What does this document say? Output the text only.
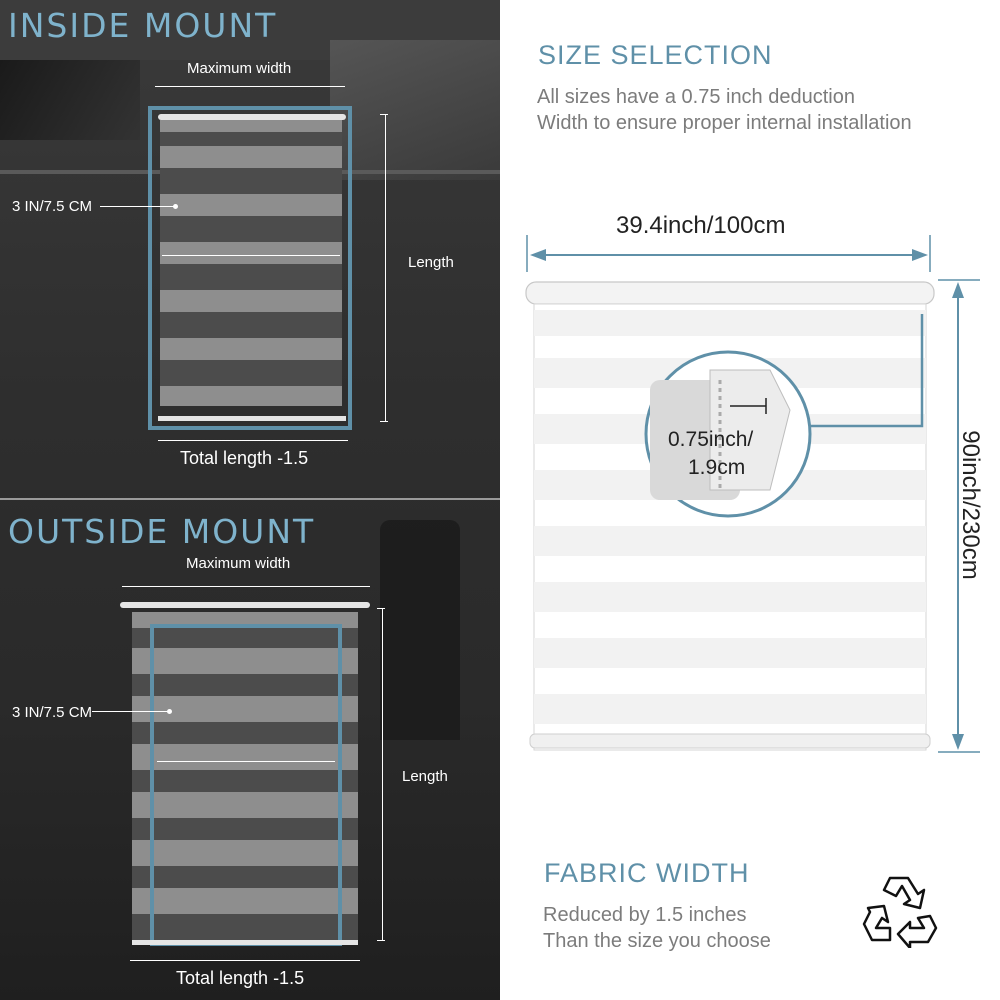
INSIDE MOUNT
Maximum width
3 IN/7.5 CM
Length
Total length -1.5
OUTSIDE MOUNT
Maximum width
3 IN/7.5 CM
Length
Total length -1.5
SIZE SELECTION
All sizes have a 0.75 inch deduction
Width to ensure proper internal installation
39.4inch/100cm
0.75inch/
1.9cm	90inch/230cm
FABRIC WIDTH
Reduced by 1.5 inches
Than the size you choose
